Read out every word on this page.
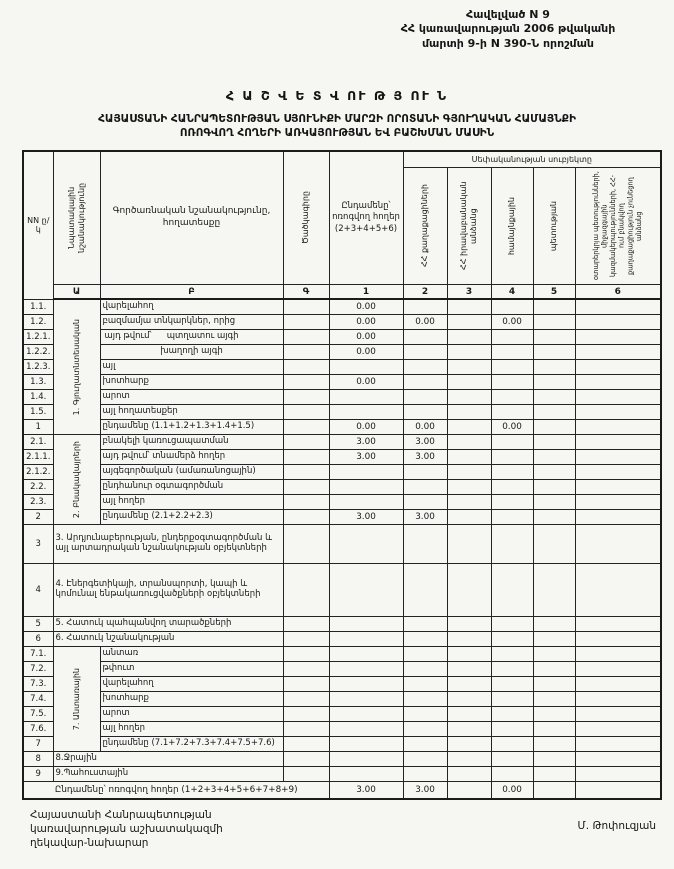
Հավելված N 9
ՀՀ կառավարության 2006 թվականի
մարտի 9-ի N 390-Ն որոշման
Հ Ա Շ Վ Ե Տ Վ ՈՒ Թ Յ ՈՒ Ն
ՀԱՅԱՍՏԱՆԻ ՀԱՆՐԱՊԵՏՈՒԹՅԱՆ ՍՅՈՒՆԻՔԻ ՄԱՐԶԻ ՈՐՈՏԱՆԻ ԳՅՈՒՂԱԿԱՆ ՀԱՄԱՅՆՔԻ
ՈՌՈԳՎՈՂ ՀՈՂԵՐԻ ԱՌԿԱՅՈՒԹՅԱՆ ԵՎ ԲԱՇԽՄԱՆ ՄԱՍԻՆ
NN ը/կ	Նպատակային նշանակությունը	Գործառնական նշանակությունը, հողատեսքը	Ծածկագիրը	Ընդամենը՝ ոռոգվող հողեր (2+3+4+5+6)	Սեփականության սուբյեկտը				

					ՀՀ քաղաքացիների	ՀՀ իրավաբանական անձանց	համայնքային	պետության	օտարերկրյա պետությունների, միջազգային կազմակերպությունների, ՀՀ-ում բնակվող քաղաքացիություն չունեցող անձանց

	Ա	Բ	Գ	1	2	3	4	5	6
1.1.	1. Գյուղատնտեսական	վարելահող		0.00					
1.2.		բազմամյա տնկարկներ, որից		0.00	0.00		0.00		
1.2.1.		այդ թվում՝ պտղատու այգի		0.00					
1.2.2.		խաղողի այգի		0.00					
1.2.3.		այլ							
1.3.		խոտհարք		0.00					
1.4.		արոտ							
1.5.		այլ հողատեսքեր							
1		ընդամենը (1.1+1.2+1.3+1.4+1.5)		0.00	0.00		0.00		
2.1.	2. Բնակավայրերի	բնակելի կառուցապատման		3.00	3.00				
2.1.1.		այդ թվում՝ տնամերձ հողեր		3.00	3.00				
2.1.2.		այգեգործական (ամառանոցային)							
2.2.		ընդհանուր օգտագործման							
2.3.		այլ հողեր							
2		ընդամենը (2.1+2.2+2.3)		3.00	3.00				
3	3. Արդյունաբերության, ընդերքօգտագործման և այլ արտադրական նշանակության օբյեկտների								
4	4. Էներգետիկայի, տրանսպորտի, կապի և կոմունալ ենթակառուցվածքների օբյեկտների								
5	5. Հատուկ պահպանվող տարածքների								
6	6. Հատուկ նշանակության								
7.1.	7. Անտառային	անտառ							
7.2.		թփուտ							
7.3.		վարելահող							
7.4.		խոտհարք							
7.5.		արոտ							
7.6.		այլ հողեր							
7		ընդամենը (7.1+7.2+7.3+7.4+7.5+7.6)							
8	8.Ջրային								
9	9.Պահուստային								
Ընդամենը՝ ոռոգվող հողեր (1+2+3+4+5+6+7+8+9)				3.00	3.00		0.00		
Հայաստանի Հանրապետության
կառավարության աշխատակազմի
ղեկավար-նախարար
Մ. Թոփուզյան
